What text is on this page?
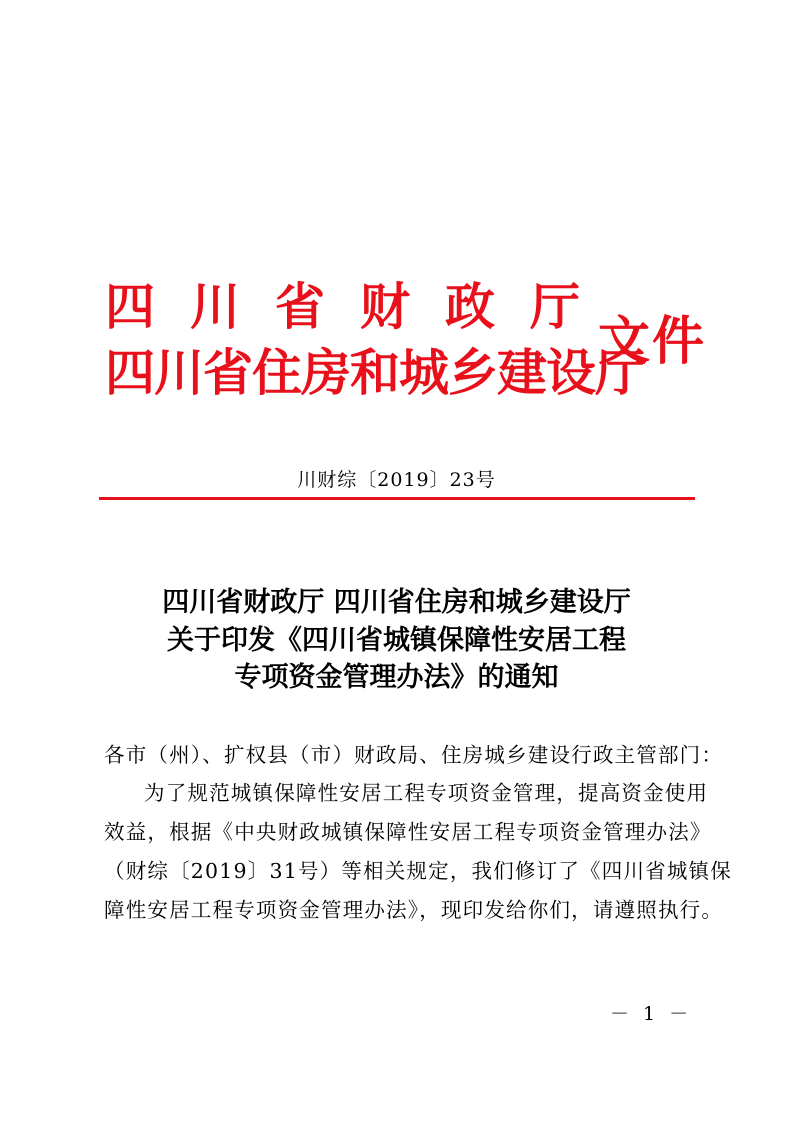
四川省财政厅
四川省住房和城乡建设厅
文件
川财综〔2019〕23号
四川省财政厅 四川省住房和城乡建设厅
关于印发《四川省城镇保障性安居工程
专项资金管理办法》的通知
各市（州）、扩权县（市）财政局、住房城乡建设行政主管部门：
为了规范城镇保障性安居工程专项资金管理，提高资金使用
效益，根据《中央财政城镇保障性安居工程专项资金管理办法》
（财综〔2019〕31号）等相关规定，我们修订了《四川省城镇保
障性安居工程专项资金管理办法》，现印发给你们，请遵照执行。
－ 1 －
